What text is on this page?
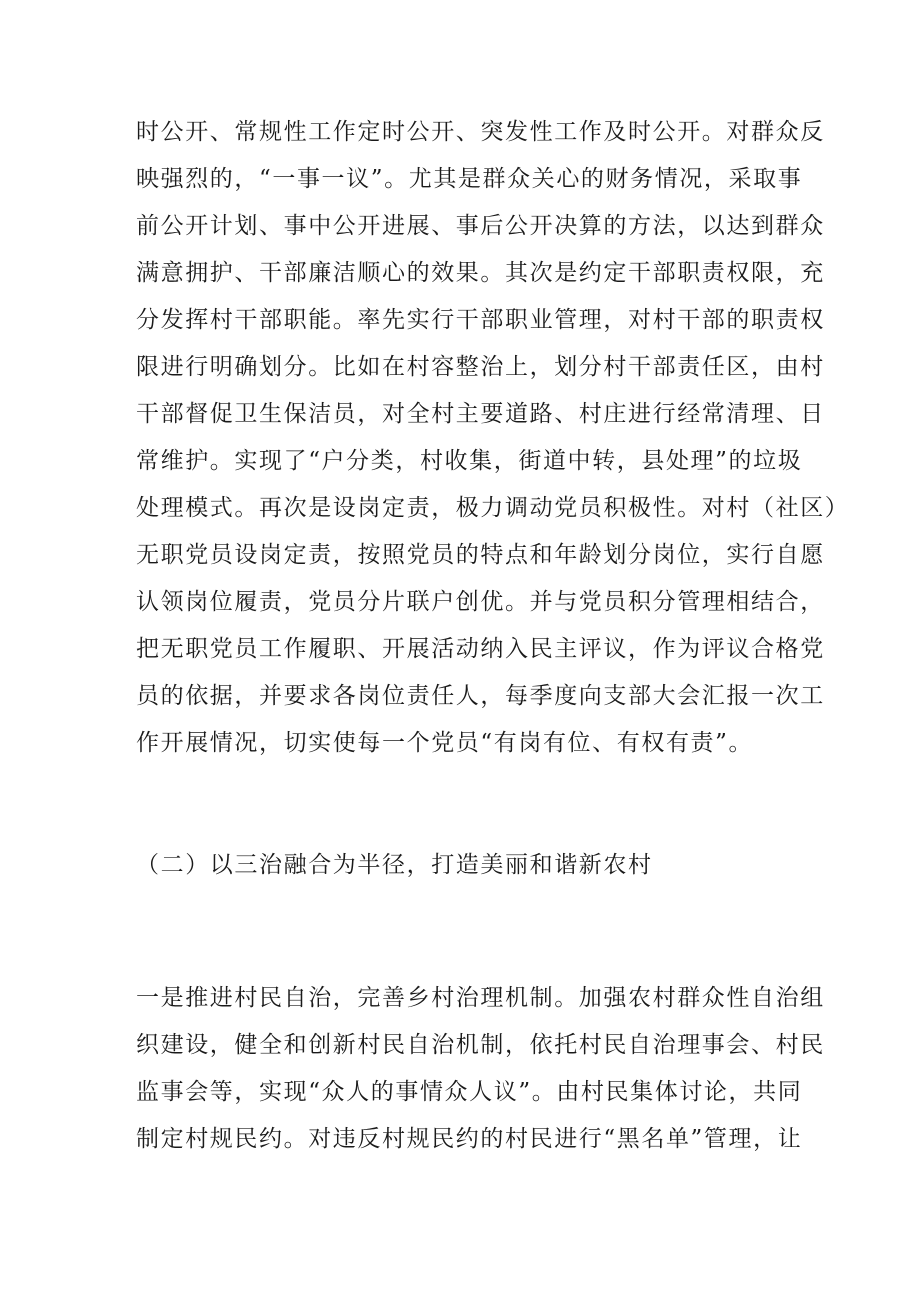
时公开、常规性工作定时公开、突发性工作及时公开。对群众反

映强烈的，“一事一议”。尤其是群众关心的财务情况，采取事

前公开计划、事中公开进展、事后公开决算的方法，以达到群众

满意拥护、干部廉洁顺心的效果。其次是约定干部职责权限，充

分发挥村干部职能。率先实行干部职业管理，对村干部的职责权

限进行明确划分。比如在村容整治上，划分村干部责任区，由村

干部督促卫生保洁员，对全村主要道路、村庄进行经常清理、日

常维护。实现了“户分类，村收集，街道中转，县处理”的垃圾

处理模式。再次是设岗定责，极力调动党员积极性。对村（社区）

无职党员设岗定责，按照党员的特点和年龄划分岗位，实行自愿

认领岗位履责，党员分片联户创优。并与党员积分管理相结合，

把无职党员工作履职、开展活动纳入民主评议，作为评议合格党

员的依据，并要求各岗位责任人，每季度向支部大会汇报一次工

作开展情况，切实使每一个党员“有岗有位、有权有责”。

（二）以三治融合为半径，打造美丽和谐新农村

一是推进村民自治，完善乡村治理机制。加强农村群众性自治组

织建设，健全和创新村民自治机制，依托村民自治理事会、村民

监事会等，实现“众人的事情众人议”。由村民集体讨论，共同

制定村规民约。对违反村规民约的村民进行“黑名单”管理，让
